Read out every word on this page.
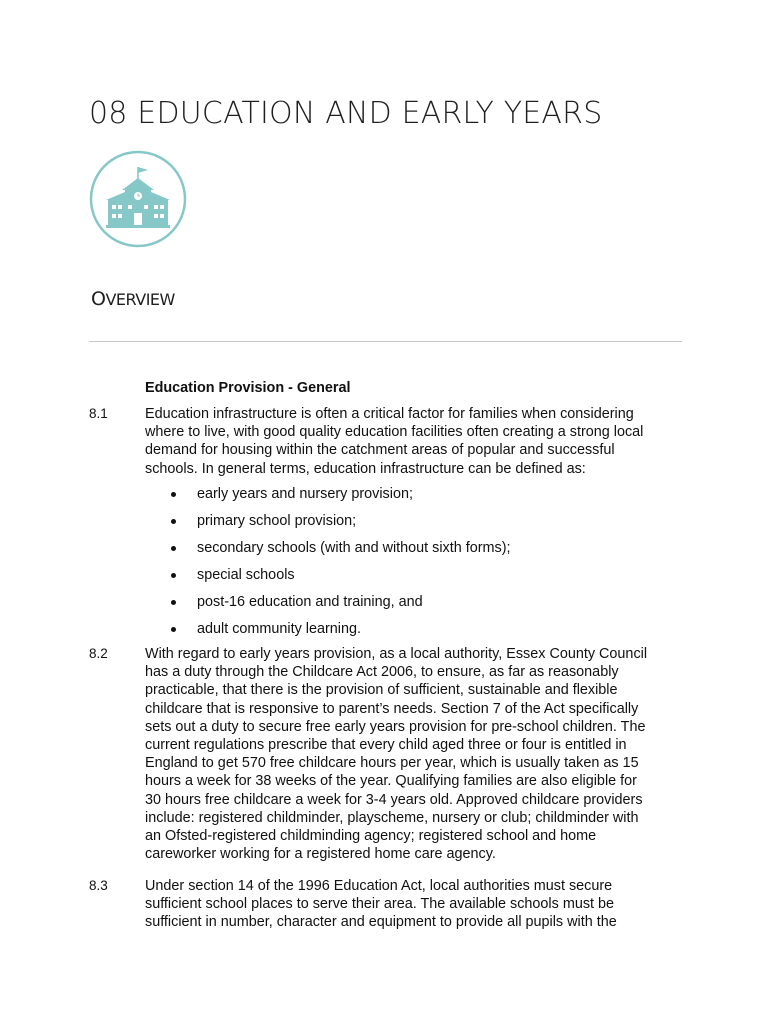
08 EDUCATION AND EARLY YEARS
OVERVIEW
Education Provision - General
8.1	Education infrastructure is often a critical factor for families when considering
where to live, with good quality education facilities often creating a strong local
demand for housing within the catchment areas of popular and successful
schools. In general terms, education infrastructure can be defined as:
early years and nursery provision;
primary school provision;
secondary schools (with and without sixth forms);
special schools
post-16 education and training, and
adult community learning.
8.2	With regard to early years provision, as a local authority, Essex County Council
has a duty through the Childcare Act 2006, to ensure, as far as reasonably
practicable, that there is the provision of sufficient, sustainable and flexible
childcare that is responsive to parent’s needs. Section 7 of the Act specifically
sets out a duty to secure free early years provision for pre-school children. The
current regulations prescribe that every child aged three or four is entitled in
England to get 570 free childcare hours per year, which is usually taken as 15
hours a week for 38 weeks of the year. Qualifying families are also eligible for
30 hours free childcare a week for 3-4 years old. Approved childcare providers
include: registered childminder, playscheme, nursery or club; childminder with
an Ofsted-registered childminding agency; registered school and home
careworker working for a registered home care agency.
8.3	Under section 14 of the 1996 Education Act, local authorities must secure
sufficient school places to serve their area. The available schools must be
sufficient in number, character and equipment to provide all pupils with the
